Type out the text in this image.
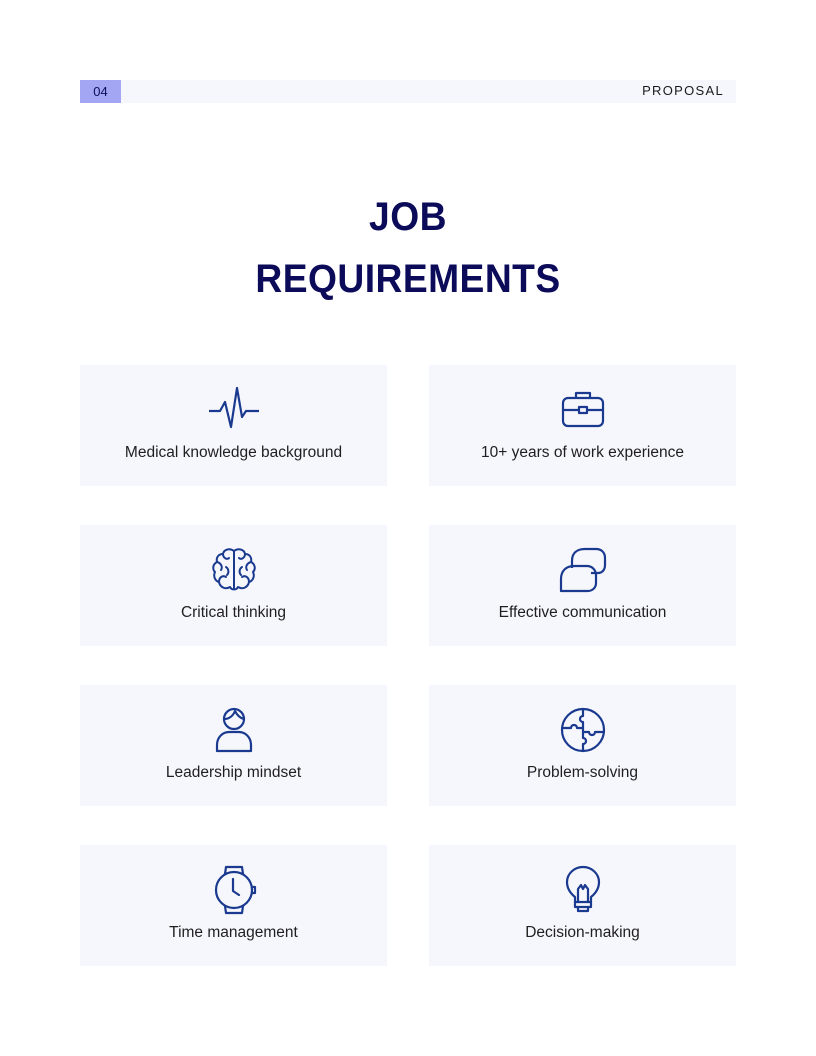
04	PROPOSAL
JOB
REQUIREMENTS
Medical knowledge background	10+ years of work experience
Critical thinking	Effective communication
Leadership mindset	Problem-solving
Time management	Decision-making
